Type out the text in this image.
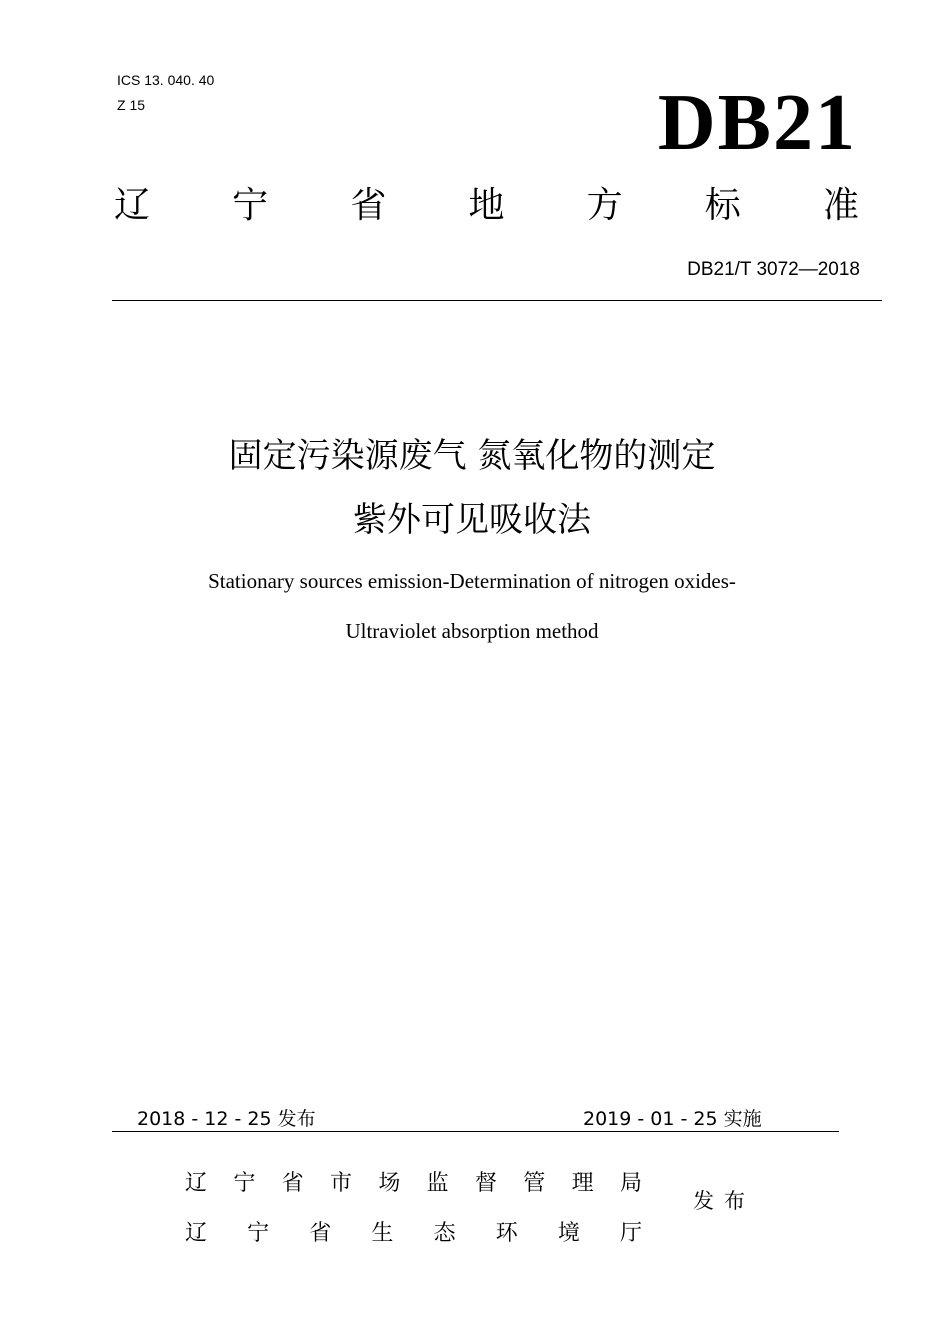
ICS 13. 040. 40
Z 15	DB21
辽 宁 省 地 方 标 准
DB21/T 3072—2018
固定污染源废气 氮氧化物的测定
紫外可见吸收法
Stationary sources emission-Determination of nitrogen oxides-
Ultraviolet absorption method
2018 - 12 - 25 发布	2019 - 01 - 25 实施
辽 宁 省 市 场 监 督 管 理 局
辽 宁 省 生 态 环 境 厅
发布
